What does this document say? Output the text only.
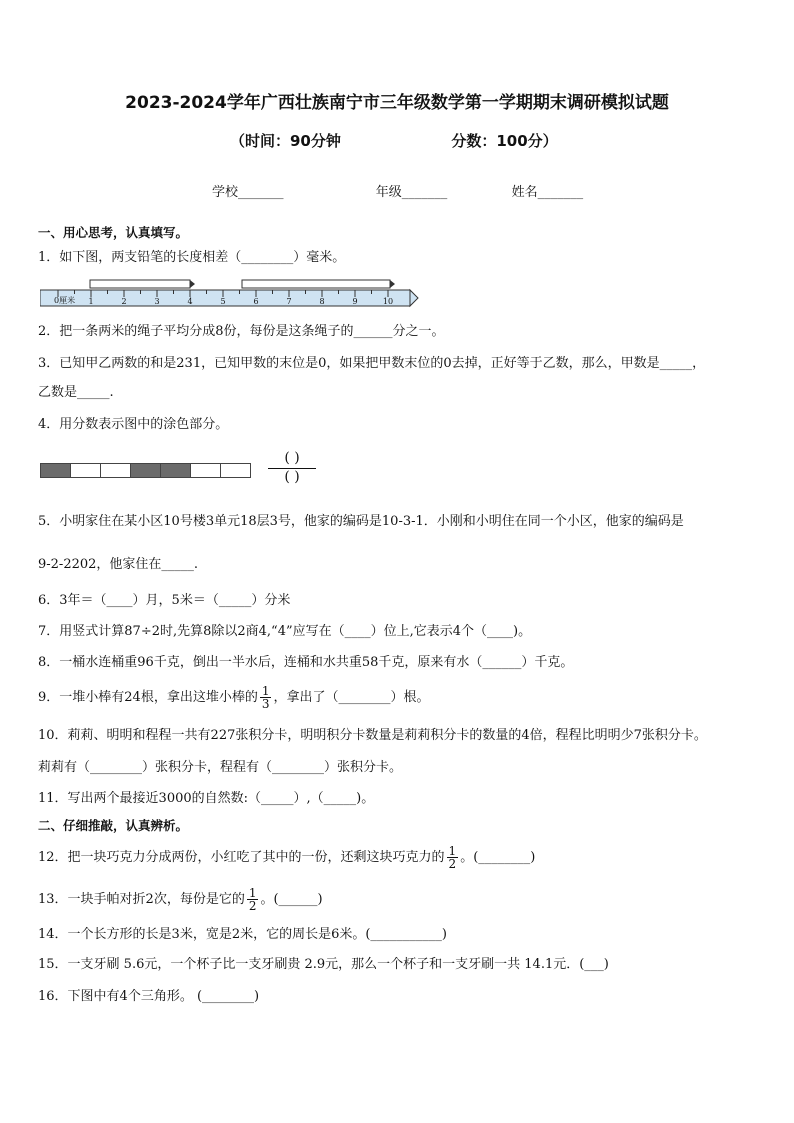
2023-2024学年广西壮族南宁市三年级数学第一学期期末调研模拟试题
（时间：90分钟	分数：100分）
学校_______	年级_______	姓名_______
一、用心思考，认真填写。
1．如下图，两支铅笔的长度相差（________）毫米。
1	2	3	4	5	6	7	8	9	10
0厘米
2．把一条两米的绳子平均分成8份，每份是这条绳子的______分之一。
3．已知甲乙两数的和是231，已知甲数的末位是0，如果把甲数末位的0去掉，正好等于乙数，那么，甲数是_____，
乙数是_____.
4．用分数表示图中的涂色部分。
( )
( )
5．小明家住在某小区10号楼3单元18层3号，他家的编码是10-3-1．小刚和小明住在同一个小区，他家的编码是
9-2-2202，他家住在_____.
6．3年＝（____）月，5米＝（_____）分米
7．用竖式计算87÷2时,先算8除以2商4,“4”应写在（____）位上,它表示4个（____)。
8．一桶水连桶重96千克，倒出一半水后，连桶和水共重58千克，原来有水（______）千克。
9．一堆小棒有24根，拿出这堆小棒的 $\frac{1}{3}$ ，拿出了（________）根。
10．莉莉、明明和程程一共有227张积分卡，明明积分卡数量是莉莉积分卡的数量的4倍，程程比明明少7张积分卡。
莉莉有（________）张积分卡，程程有（________）张积分卡。
11．写出两个最接近3000的自然数:（_____）,（_____)。
二、仔细推敲，认真辨析。
12．把一块巧克力分成两份，小红吃了其中的一份，还剩这块巧克力的 $\frac{1}{2}$ 。(________)
13．一块手帕对折2次，每份是它的 $\frac{1}{2}$ 。(______)
14．一个长方形的长是3米，宽是2米，它的周长是6米。(___________)
15．一支牙刷 5.6元，一个杯子比一支牙刷贵 2.9元，那么一个杯子和一支牙刷一共 14.1元．(___)
16．下图中有4个三角形。 (________)
